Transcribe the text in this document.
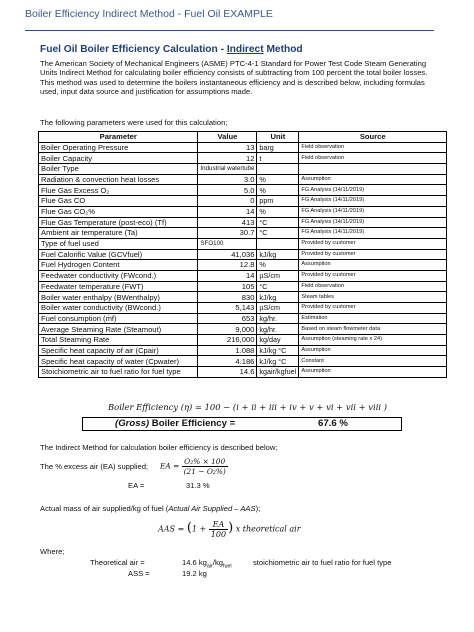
Boiler Efficiency Indirect Method - Fuel Oil EXAMPLE
Fuel Oil Boiler Efficiency Calculation - Indirect Method
The American Society of Mechanical Engineers (ASME) PTC-4-1 Standard for Power Test Code Steam Generating Units Indirect Method for calculating boiler efficiency consists of subtracting from 100 percent the total boiler losses. This method was used to determine the boilers instantaneous efficiency and is described below, including formulas used, input data source and justification for assumptions made.
The following parameters were used for this calculation;
Parameter	Value	Unit	Source
Boiler Operating Pressure	13	barg	Field observation
Boiler Capacity	12	t	Field observation
Boiler Type	Industrial watertube		
Radiation & convection heat losses	3.0	%	Assumption
Flue Gas Excess O₂	5.0	%	FG Analysis (14/11/2019)
Flue Gas CO	0	ppm	FG Analysis (14/11/2019)
Flue Gas CO₂%	14	%	FG Analysis (14/11/2019)
Flue Gas Temperature (post-eco) (Tf)	413	°C	FG Analysis (14/11/2019)
Ambient air temperature (Ta)	30.7	°C	FG Analysis (14/11/2019)
Type of fuel used	SFO100		Provided by customer
Fuel Calorific Value (GCVfuel)	41,036	kJ/kg	Provided by customer
Fuel Hydrogen Content	12.8	%	Assumption
Feedwater conductivity (FWcond.)	14	µS/cm	Provided by customer
Feedwater temperature (FWT)	105	°C	Field observation
Boiler water enthalpy (BWenthalpy)	830	kJ/kg	Steam tables
Boiler water conductivity (BWcond.)	5,143	µS/cm	Provided by customer
Fuel consumption (ṁf)	653	kg/hr.	Estimation
Average Steaming Rate (Steamout)	9,000	kg/hr.	Based on steam flowmeter data
Total Steaming Rate	216,000	kg/day	Assumption (steaming rate x 24)
Specific heat capacity of air (Cpair)	1.088	kJ/kg °C	Assumption
Specific heat capacity of water (Cpwater)	4.186	kJ/kg °C	Constant
Stoichiometric air to fuel ratio for fuel type	14.6	kgair/kgfuel	Assumption
Boiler Efficiency (η) = 100 − (i + ii + iii + iv + v + vi + vii + viii )
(Gross) Boiler Efficiency =	67.6 %
The Indirect Method for calculation boiler efficiency is described below;
The % excess air (EA) supplied; EA = $\frac{\text{O₂\% × 100}}{\text{(21 − O₂\%)}}$
EA =	31.3 %
Actual mass of air supplied/kg of fuel (Actual Air Supplied – AAS);
AAS = ($1 + \frac{EA}{100}$ ) x theoretical air
Where;
Theoretical air =	14.6 $kg_{air}/kg_{fuel}$	stoichiometric air to fuel ratio for fuel type
ASS =	19.2 kg
